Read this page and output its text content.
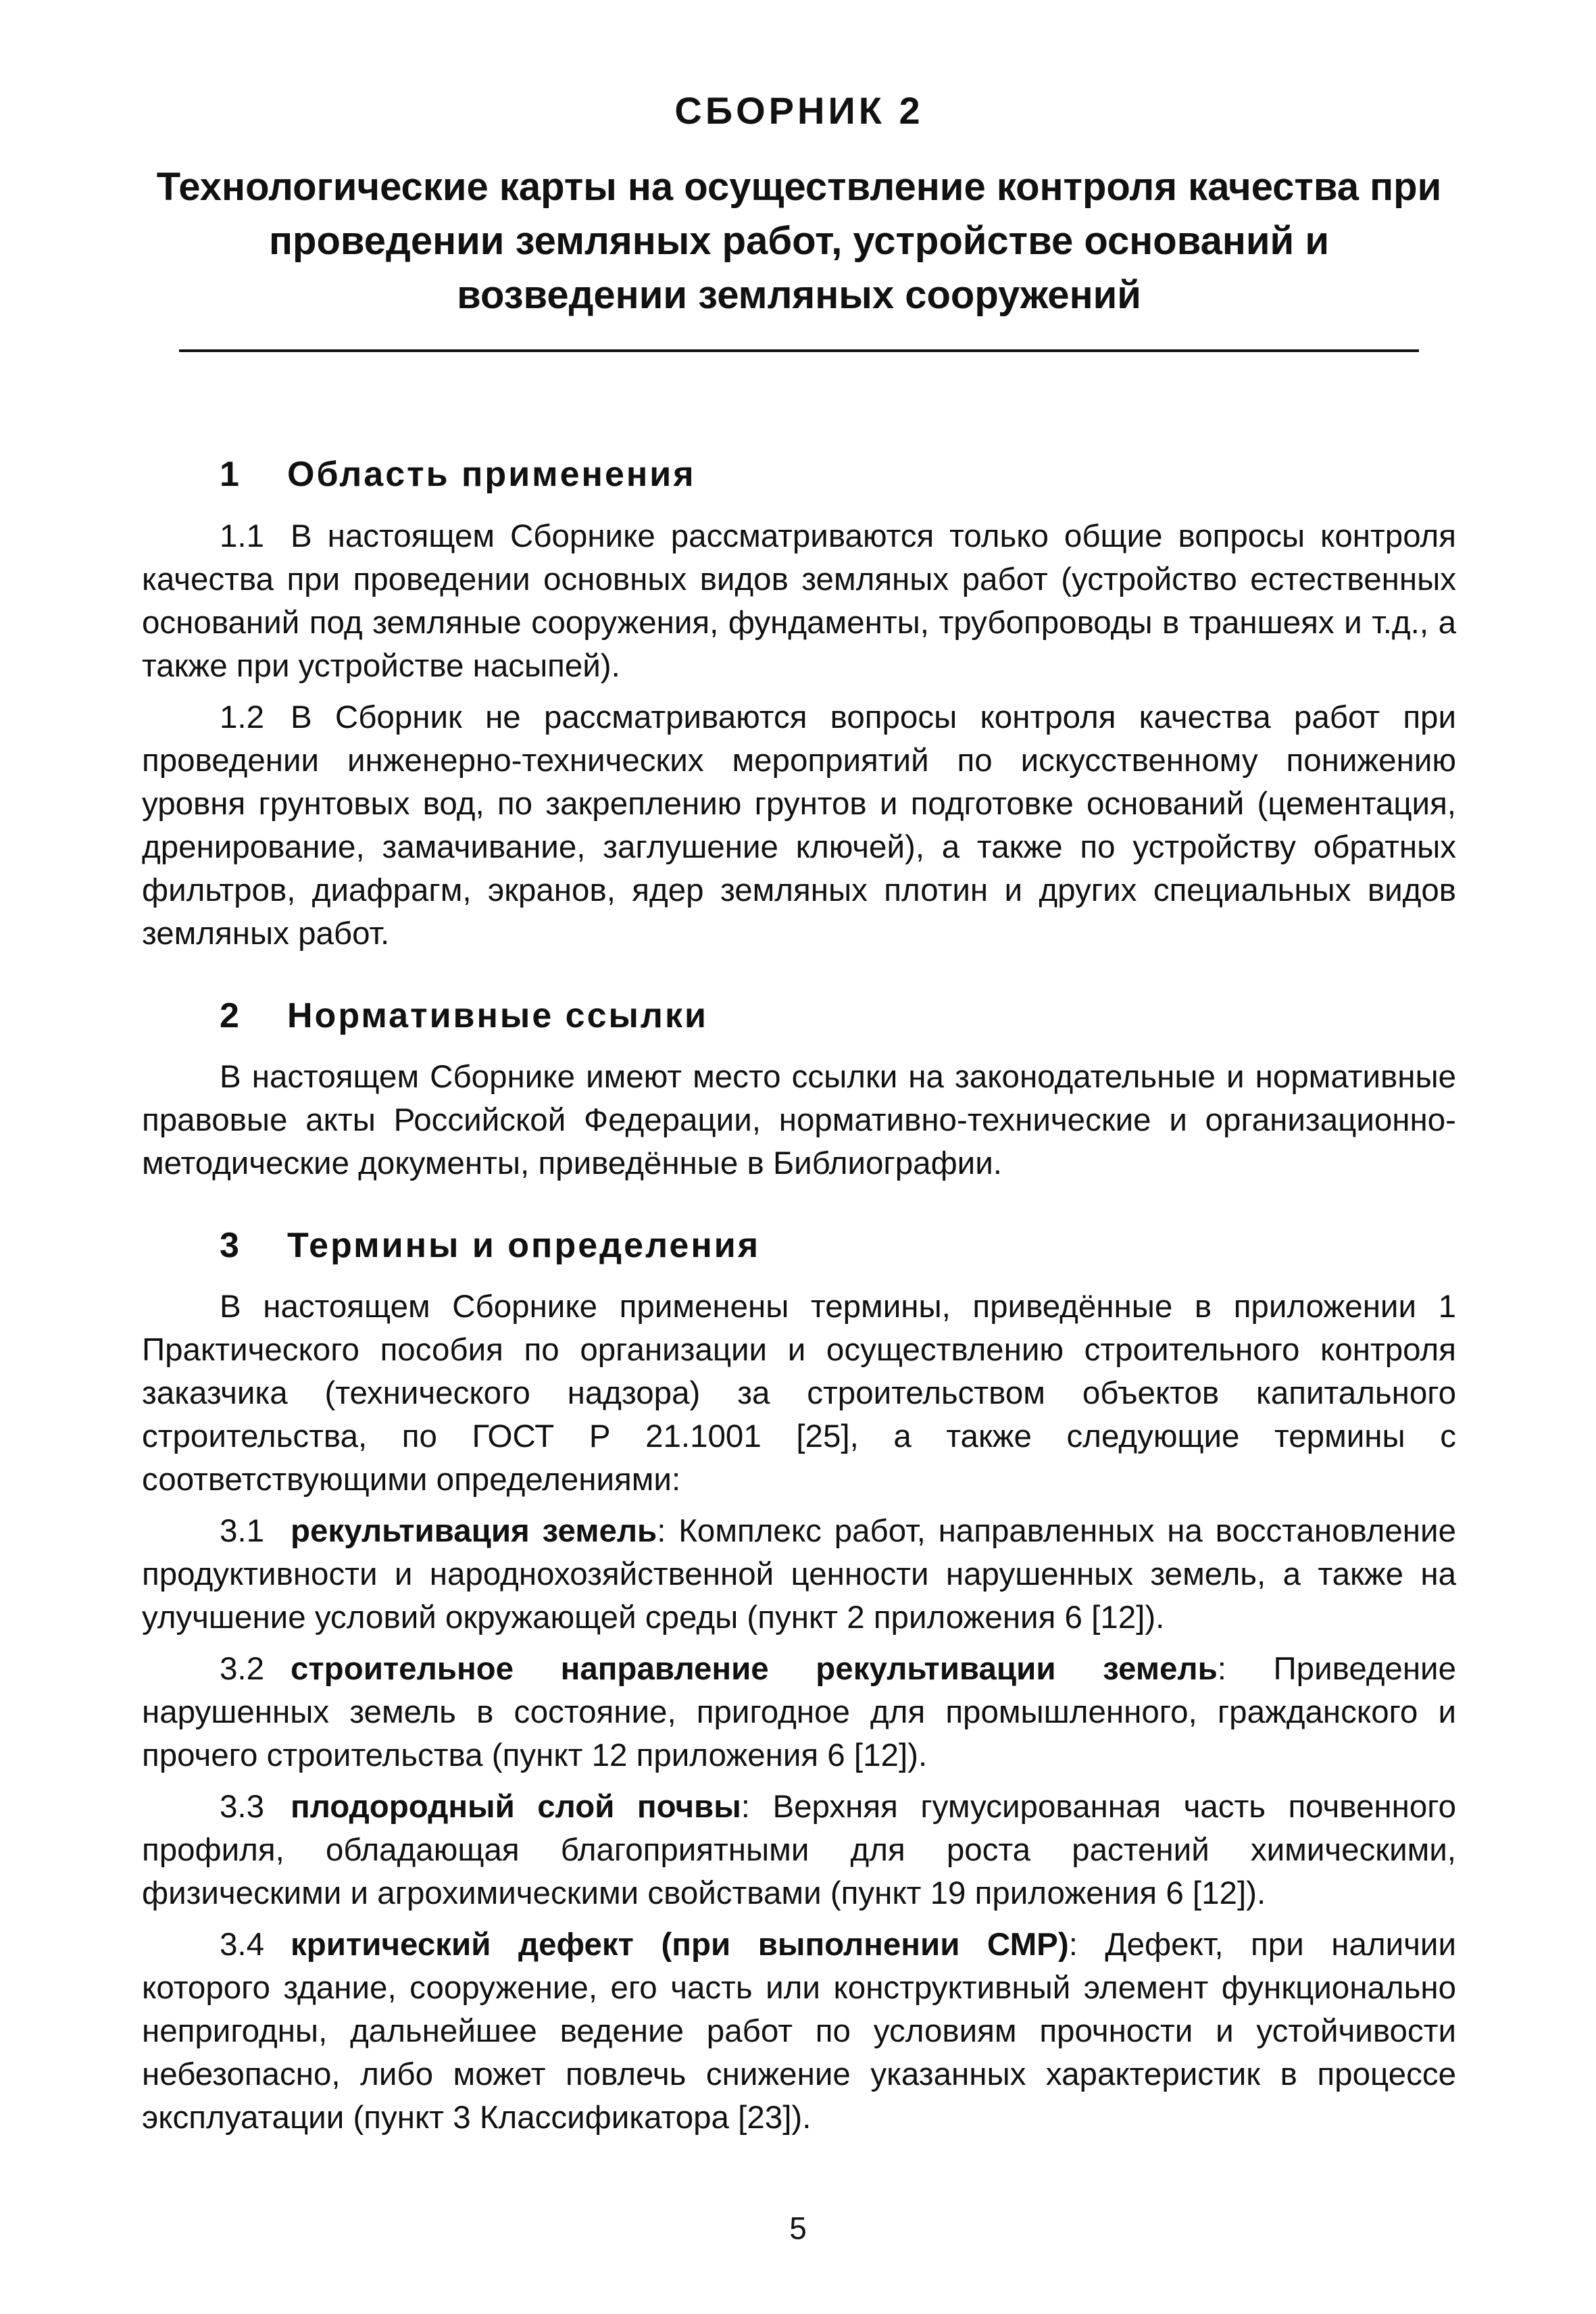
СБОРНИК 2
Технологические карты на осуществление контроля качества при проведении земляных работ, устройстве оснований и возведении земляных сооружений
1 Область применения

1.1 В настоящем Сборнике рассматриваются только общие вопросы контроля качества при проведении основных видов земляных работ (устройство естественных оснований под земляные сооружения, фундаменты, трубопроводы в траншеях и т.д., а также при устройстве насыпей).

1.2 В Сборник не рассматриваются вопросы контроля качества работ при проведении инженерно-технических мероприятий по искусственному понижению уровня грунтовых вод, по закреплению грунтов и подготовке оснований (цементация, дренирование, замачивание, заглушение ключей), а также по устройству обратных фильтров, диафрагм, экранов, ядер земляных плотин и других специальных видов земляных работ.

2 Нормативные ссылки

В настоящем Сборнике имеют место ссылки на законодательные и нормативные правовые акты Российской Федерации, нормативно-технические и организационно-методические документы, приведённые в Библиографии.

3 Термины и определения

В настоящем Сборнике применены термины, приведённые в приложении 1 Практического пособия по организации и осуществлению строительного контроля заказчика (технического надзора) за строительством объектов капитального строительства, по ГОСТ Р 21.1001 [25], а также следующие термины с соответствующими определениями:

3.1 рекультивация земель: Комплекс работ, направленных на восстановление продуктивности и народнохозяйственной ценности нарушенных земель, а также на улучшение условий окружающей среды (пункт 2 приложения 6 [12]).

3.2 строительное направление рекультивации земель: Приведение нарушенных земель в состояние, пригодное для промышленного, гражданского и прочего строительства (пункт 12 приложения 6 [12]).

3.3 плодородный слой почвы: Верхняя гумусированная часть почвенного профиля, обладающая благоприятными для роста растений химическими, физическими и агрохимическими свойствами (пункт 19 приложения 6 [12]).

3.4 критический дефект (при выполнении СМР): Дефект, при наличии которого здание, сооружение, его часть или конструктивный элемент функционально непригодны, дальнейшее ведение работ по условиям прочности и устойчивости небезопасно, либо может повлечь снижение указанных характеристик в процессе эксплуатации (пункт 3 Классификатора [23]).

5
